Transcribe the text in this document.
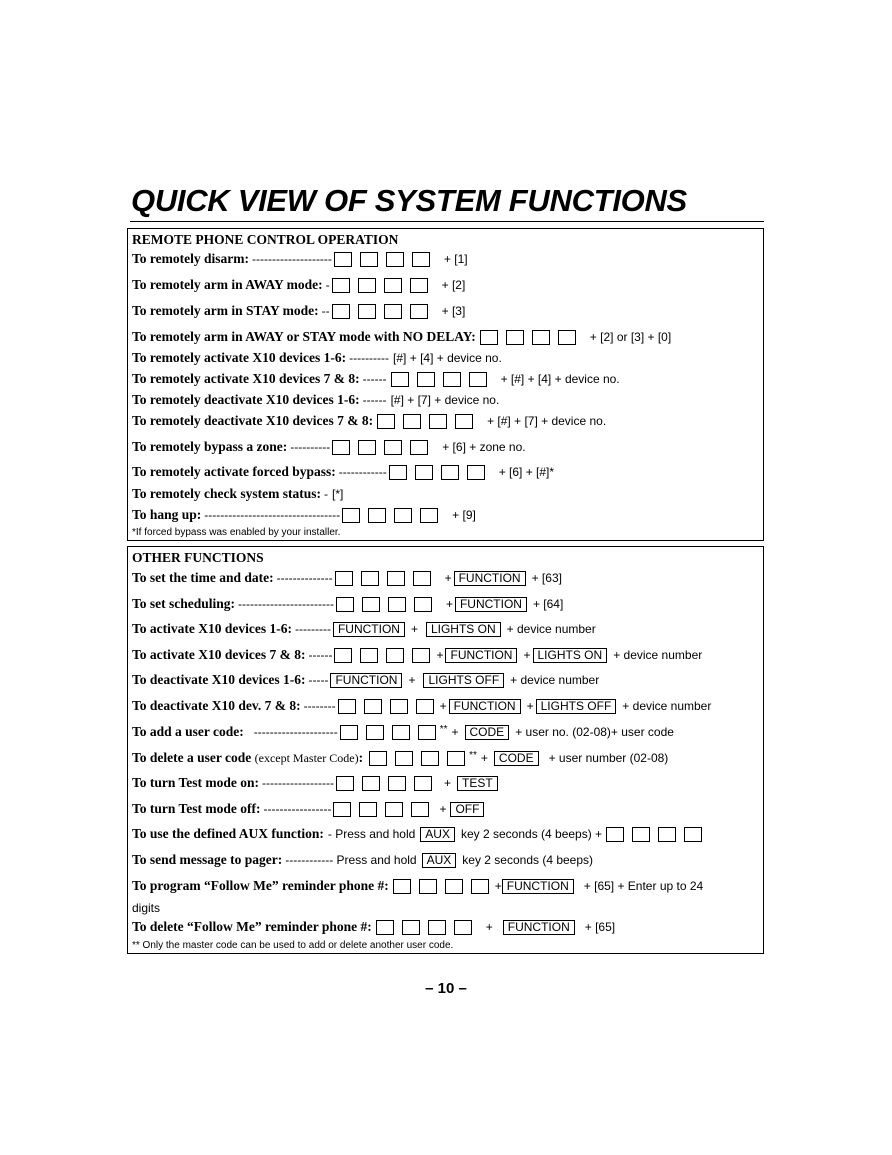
QUICK VIEW OF SYSTEM FUNCTIONS
REMOTE PHONE CONTROL OPERATION
To remotely disarm: --------------------	+ [1]
To remotely arm in AWAY mode: -	+ [2]
To remotely arm in STAY mode: --	+ [3]
To remotely arm in AWAY or STAY mode with NO DELAY:	+ [2] or [3] + [0]
To remotely activate X10 devices 1-6: ---------- [#] + [4] + device no.
To remotely activate X10 devices 7 & 8: ------	+ [#] + [4] + device no.
To remotely deactivate X10 devices 1-6: ------ [#] + [7] + device no.
To remotely deactivate X10 devices 7 & 8:	+ [#] + [7] + device no.
To remotely bypass a zone: ----------	+ [6] + zone no.
To remotely activate forced bypass: ------------	+ [6] + [#]*
To remotely check system status: - [*]
To hang up: ----------------------------------	+ [9]
*If forced bypass was enabled by your installer.
OTHER FUNCTIONS
To set the time and date: --------------	+ FUNCTION + [63]
To set scheduling: ------------------------	+ FUNCTION + [64]
To activate X10 devices 1-6: --------- FUNCTION +	LIGHTS ON + device number
To activate X10 devices 7 & 8: ------	+ FUNCTION + LIGHTS ON + device number
To deactivate X10 devices 1-6: ----- FUNCTION +	LIGHTS OFF + device number
To deactivate X10 dev. 7 & 8: --------	+ FUNCTION + LIGHTS OFF + device number
To add a user code: ---------------------	** + CODE + user no. (02-08)+ user code
To delete a user code (except Master Code):	** + CODE	+ user number (02-08)
To turn Test mode on: ------------------	+ TEST
To turn Test mode off: -----------------	+ OFF
To use the defined AUX function: - Press and hold AUX key 2 seconds (4 beeps) +
To send message to pager: ------------ Press and hold AUX key 2 seconds (4 beeps)
To program “Follow Me” reminder phone #:	+ FUNCTION	+ [65] + Enter up to 24
digits
To delete “Follow Me” reminder phone #:	+	FUNCTION	+ [65]
** Only the master code can be used to add or delete another user code.
– 10 –
